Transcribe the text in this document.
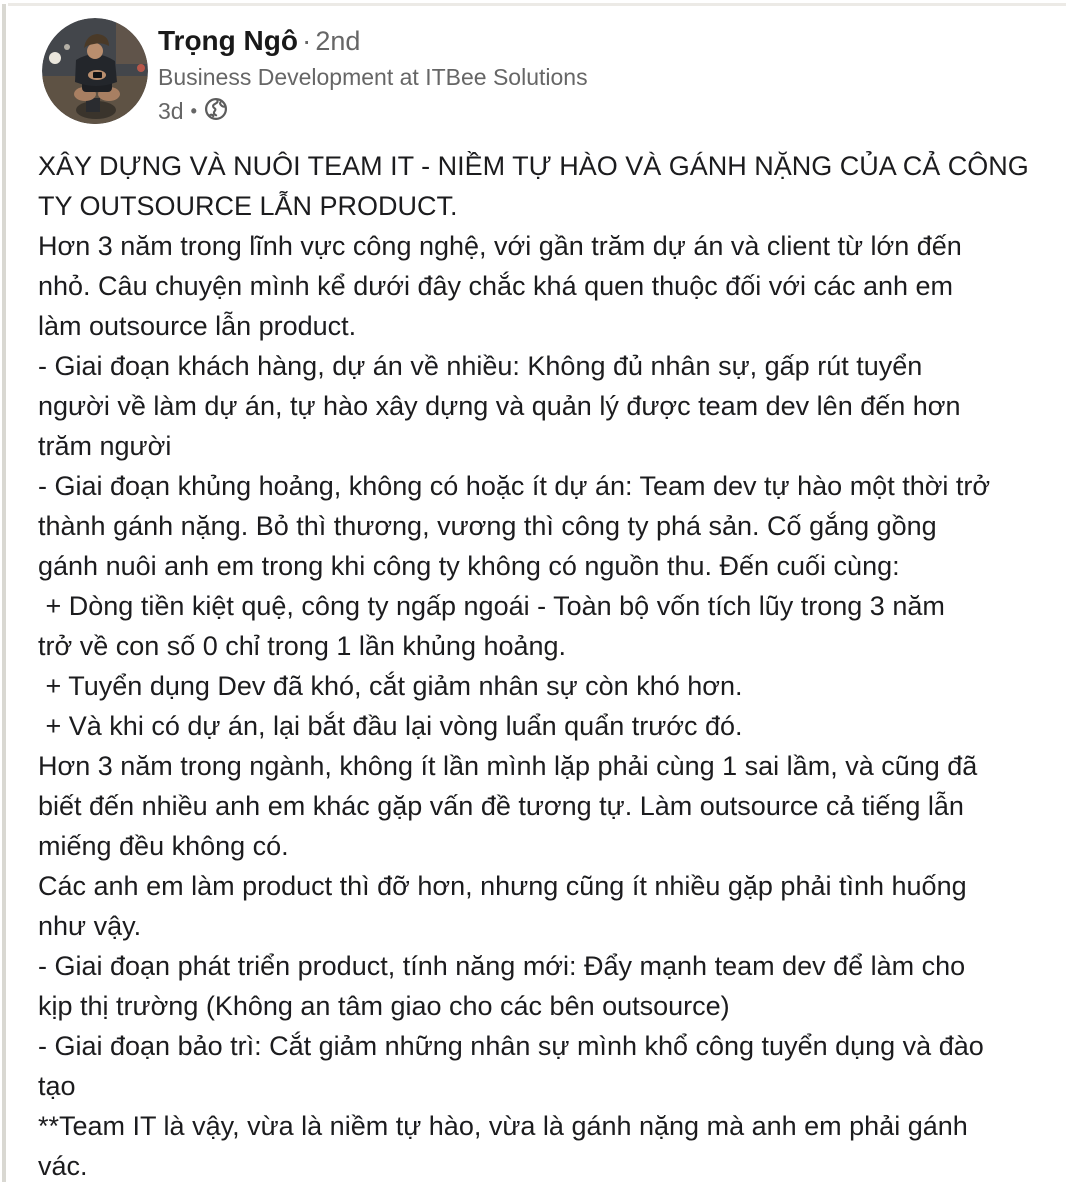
Trọng Ngô · 2nd
Business Development at ITBee Solutions
3d •
XÂY DỰNG VÀ NUÔI TEAM IT - NIỀM TỰ HÀO VÀ GÁNH NẶNG CỦA CẢ CÔNG
TY OUTSOURCE LẪN PRODUCT.
Hơn 3 năm trong lĩnh vực công nghệ, với gần trăm dự án và client từ lớn đến
nhỏ. Câu chuyện mình kể dưới đây chắc khá quen thuộc đối với các anh em
làm outsource lẫn product.
- Giai đoạn khách hàng, dự án về nhiều: Không đủ nhân sự, gấp rút tuyển
người về làm dự án, tự hào xây dựng và quản lý được team dev lên đến hơn
trăm người
- Giai đoạn khủng hoảng, không có hoặc ít dự án: Team dev tự hào một thời trở
thành gánh nặng. Bỏ thì thương, vương thì công ty phá sản. Cố gắng gồng
gánh nuôi anh em trong khi công ty không có nguồn thu. Đến cuối cùng:
+ Dòng tiền kiệt quệ, công ty ngấp ngoái - Toàn bộ vốn tích lũy trong 3 năm
trở về con số 0 chỉ trong 1 lần khủng hoảng.
+ Tuyển dụng Dev đã khó, cắt giảm nhân sự còn khó hơn.
+ Và khi có dự án, lại bắt đầu lại vòng luẩn quẩn trước đó.
Hơn 3 năm trong ngành, không ít lần mình lặp phải cùng 1 sai lầm, và cũng đã
biết đến nhiều anh em khác gặp vấn đề tương tự. Làm outsource cả tiếng lẫn
miếng đều không có.
Các anh em làm product thì đỡ hơn, nhưng cũng ít nhiều gặp phải tình huống
như vậy.
- Giai đoạn phát triển product, tính năng mới: Đẩy mạnh team dev để làm cho
kịp thị trường (Không an tâm giao cho các bên outsource)
- Giai đoạn bảo trì: Cắt giảm những nhân sự mình khổ công tuyển dụng và đào
tạo
**Team IT là vậy, vừa là niềm tự hào, vừa là gánh nặng mà anh em phải gánh
vác.
